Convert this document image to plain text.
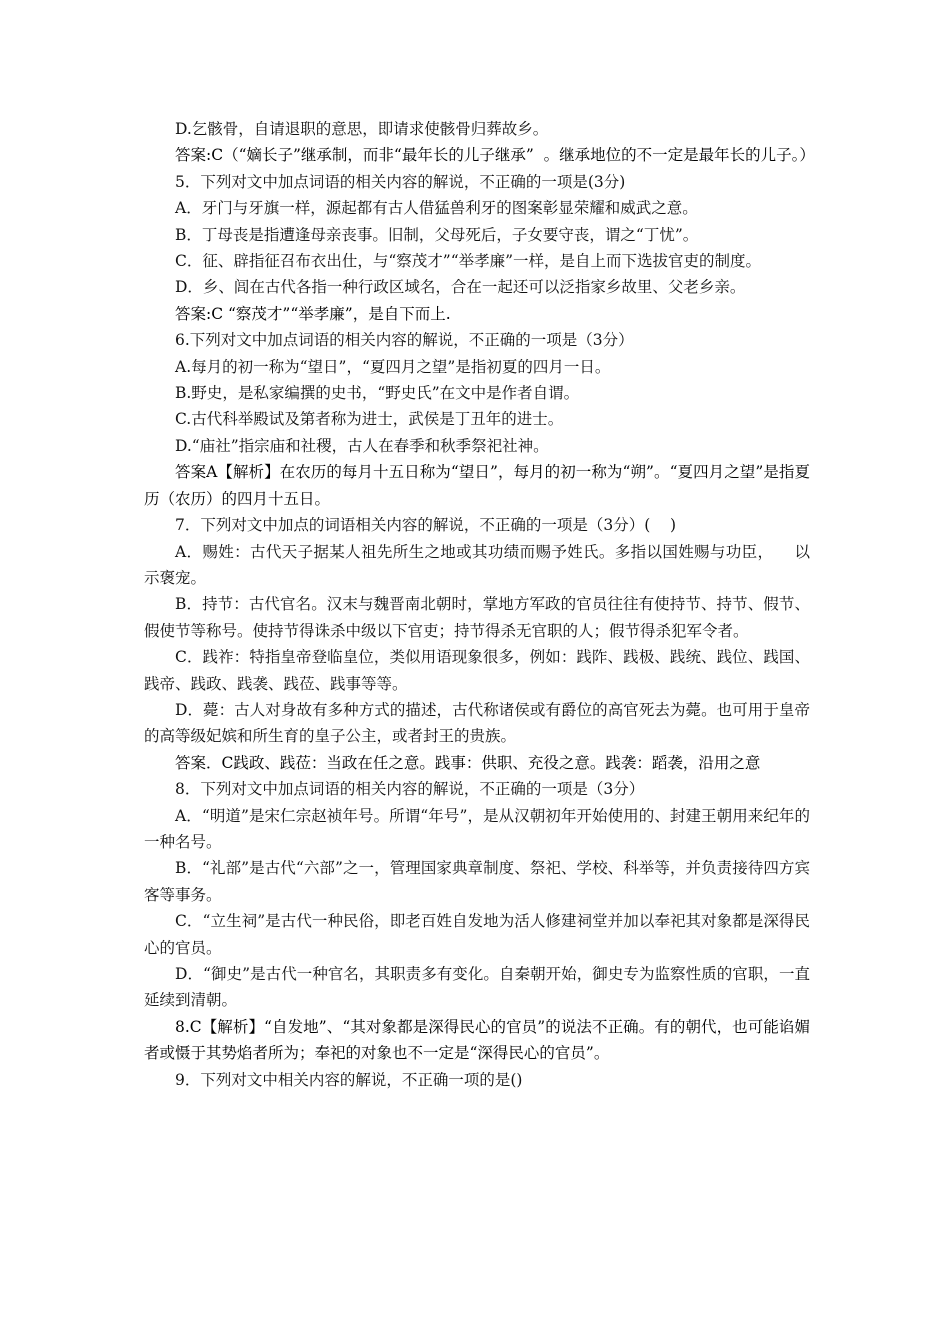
D.乞骸骨，自请退职的意思，即请求使骸骨归葬故乡。

答案:C（“嫡长子”继承制，而非“最年长的儿子继承”  。继承地位的不一定是最年长的儿子。）

5．下列对文中加点词语的相关内容的解说，不正确的一项是(3分)

A．牙门与牙旗一样，源起都有古人借猛兽利牙的图案彰显荣耀和威武之意。

B．丁母丧是指遭逢母亲丧事。旧制，父母死后，子女要守丧，谓之“丁忧”。

C．征、辟指征召布衣出仕，与“察茂才”“举孝廉”一样，是自上而下选拔官吏的制度。

D．乡、闾在古代各指一种行政区域名，合在一起还可以泛指家乡故里、父老乡亲。

答案:C “察茂才”“举孝廉”，是自下而上.

6.下列对文中加点词语的相关内容的解说，不正确的一项是（3分）

A.每月的初一称为“望日”，“夏四月之望”是指初夏的四月一日。

B.野史，是私家编撰的史书，“野史氏”在文中是作者自谓。

C.古代科举殿试及第者称为进士，武侯是丁丑年的进士。

D.“庙社”指宗庙和社稷，古人在春季和秋季祭祀社神。

答案A【解析】在农历的每月十五日称为“望日”，每月的初一称为“朔”。“夏四月之望”是指夏历（农历）的四月十五日。

7．下列对文中加点的词语相关内容的解说，不正确的一项是（3分）(    )

A．赐姓：古代天子据某人祖先所生之地或其功绩而赐予姓氏。多指以国姓赐与功臣，    以示褒宠。

B．持节：古代官名。汉末与魏晋南北朝时，掌地方军政的官员往往有使持节、持节、假节、假使节等称号。使持节得诛杀中级以下官吏；持节得杀无官职的人；假节得杀犯军令者。

C．践祚：特指皇帝登临皇位，类似用语现象很多，例如：践阼、践极、践统、践位、践国、践帝、践政、践袭、践莅、践事等等。

D．薨：古人对身故有多种方式的描述，古代称诸侯或有爵位的高官死去为薨。也可用于皇帝的高等级妃嫔和所生育的皇子公主，或者封王的贵族。

答案．C践政、践莅：当政在任之意。践事：供职、充役之意。践袭：蹈袭，沿用之意

8．下列对文中加点词语的相关内容的解说，不正确的一项是（3分）

A．“明道”是宋仁宗赵祯年号。所谓“年号”，是从汉朝初年开始使用的、封建王朝用来纪年的一种名号。

B．“礼部”是古代“六部”之一，管理国家典章制度、祭祀、学校、科举等，并负责接待四方宾客等事务。

C．“立生祠”是古代一种民俗，即老百姓自发地为活人修建祠堂并加以奉祀其对象都是深得民心的官员。

D．“御史”是古代一种官名，其职责多有变化。自秦朝开始，御史专为监察性质的官职，一直延续到清朝。

8.C【解析】“自发地”、“其对象都是深得民心的官员”的说法不正确。有的朝代，也可能谄媚者或慑于其势焰者所为；奉祀的对象也不一定是“深得民心的官员”。

9．下列对文中相关内容的解说，不正确一项的是()
